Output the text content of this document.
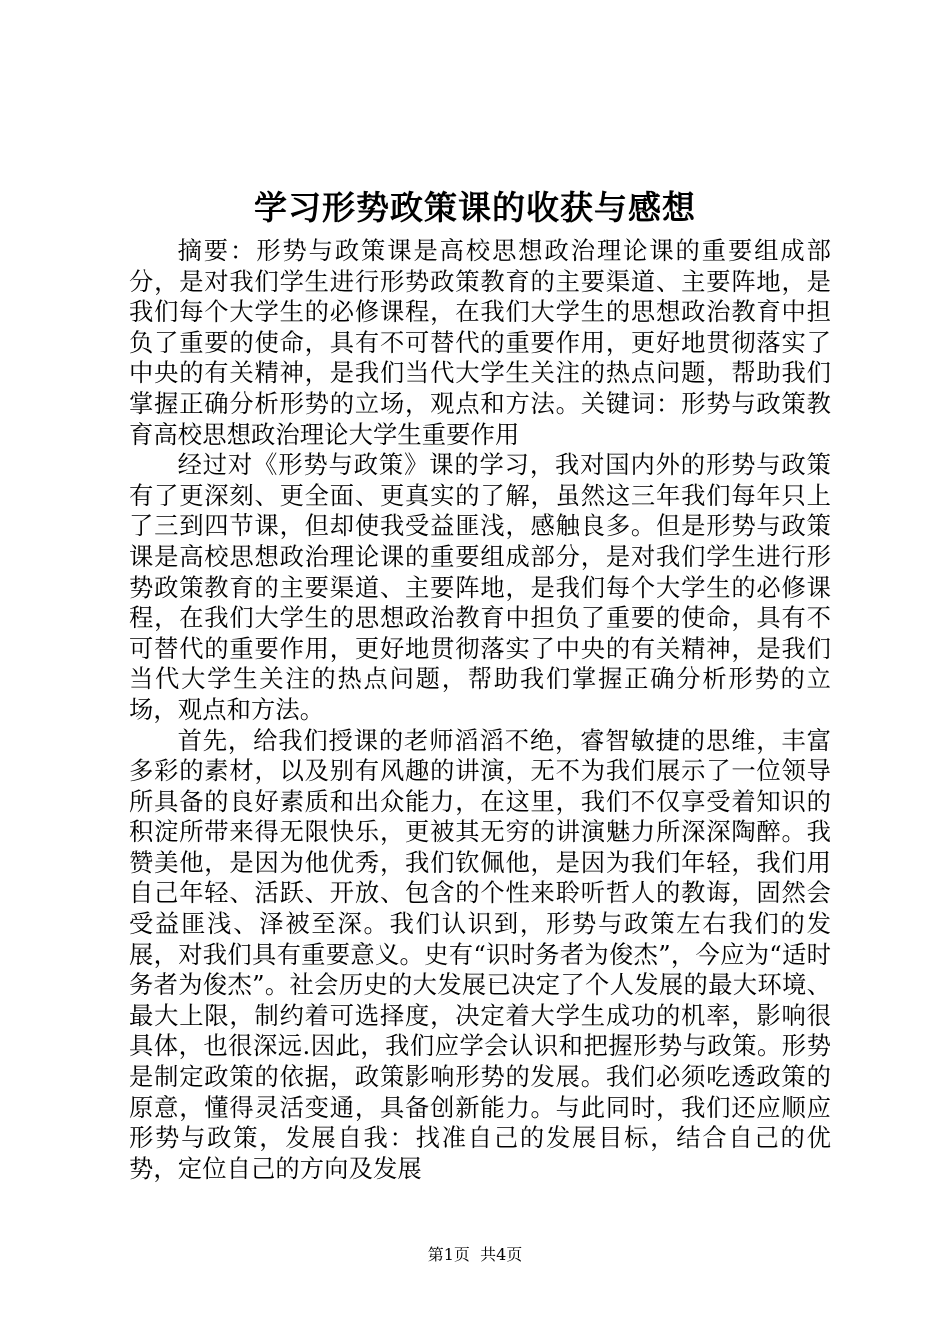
学习形势政策课的收获与感想

摘要：形势与政策课是高校思想政治理论课的重要组成部分，是对我们学生进行形势政策教育的主要渠道、主要阵地，是我们每个大学生的必修课程，在我们大学生的思想政治教育中担负了重要的使命，具有不可替代的重要作用，更好地贯彻落实了中央的有关精神，是我们当代大学生关注的热点问题，帮助我们掌握正确分析形势的立场，观点和方法。关键词：形势与政策教育高校思想政治理论大学生重要作用

经过对《形势与政策》课的学习，我对国内外的形势与政策有了更深刻、更全面、更真实的了解，虽然这三年我们每年只上了三到四节课，但却使我受益匪浅，感触良多。但是形势与政策课是高校思想政治理论课的重要组成部分，是对我们学生进行形势政策教育的主要渠道、主要阵地，是我们每个大学生的必修课程，在我们大学生的思想政治教育中担负了重要的使命，具有不可替代的重要作用，更好地贯彻落实了中央的有关精神，是我们当代大学生关注的热点问题，帮助我们掌握正确分析形势的立场，观点和方法。

首先，给我们授课的老师滔滔不绝，睿智敏捷的思维，丰富多彩的素材，以及别有风趣的讲演，无不为我们展示了一位领导所具备的良好素质和出众能力，在这里，我们不仅享受着知识的积淀所带来得无限快乐，更被其无穷的讲演魅力所深深陶醉。我赞美他，是因为他优秀，我们钦佩他，是因为我们年轻，我们用自己年轻、活跃、开放、包含的个性来聆听哲人的教诲，固然会受益匪浅、泽被至深。我们认识到，形势与政策左右我们的发展，对我们具有重要意义。史有“识时务者为俊杰”，今应为“适时务者为俊杰”。社会历史的大发展已决定了个人发展的最大环境、最大上限，制约着可选择度，决定着大学生成功的机率，影响很具体，也很深远.因此，我们应学会认识和把握形势与政策。形势是制定政策的依据，政策影响形势的发展。我们必须吃透政策的原意，懂得灵活变通，具备创新能力。与此同时，我们还应顺应形势与政策，发展自我：找准自己的发展目标，结合自己的优势，定位自己的方向及发展

第1页 共4页
